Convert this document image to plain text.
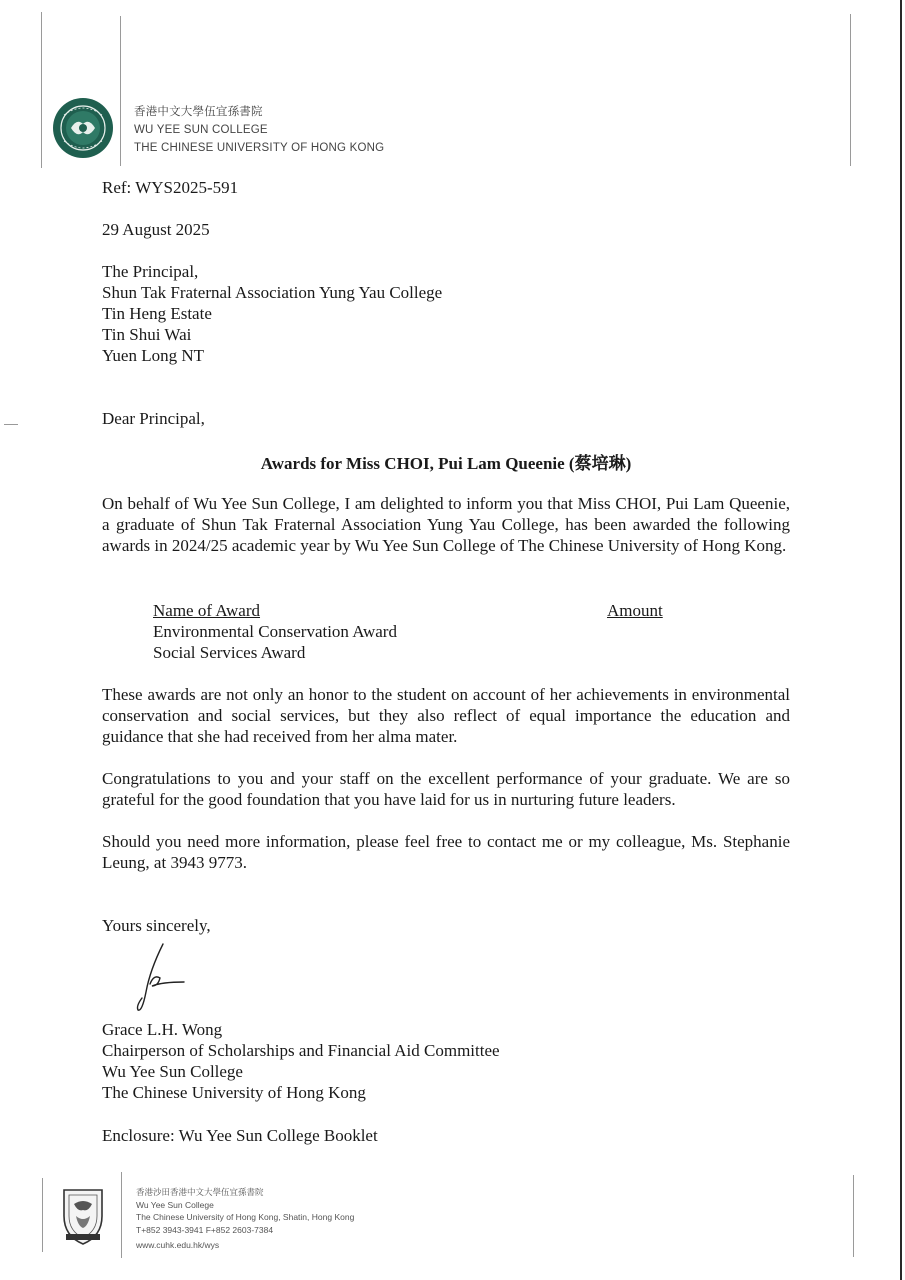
香港中文大學伍宜孫書院
WU YEE SUN COLLEGE
THE CHINESE UNIVERSITY OF HONG KONG
Ref: WYS2025-591
29 August 2025
The Principal,
Shun Tak Fraternal Association Yung Yau College
Tin Heng Estate
Tin Shui Wai
Yuen Long NT
Dear Principal,
Awards for Miss CHOI, Pui Lam Queenie (蔡培琳)
On behalf of Wu Yee Sun College, I am delighted to inform you that Miss CHOI, Pui Lam Queenie, a graduate of Shun Tak Fraternal Association Yung Yau College, has been awarded the following awards in 2024/25 academic year by Wu Yee Sun College of The Chinese University of Hong Kong.
Name of Award	Amount
Environmental Conservation Award
Social Services Award
These awards are not only an honor to the student on account of her achievements in environmental conservation and social services, but they also reflect of equal importance the education and guidance that she had received from her alma mater.
Congratulations to you and your staff on the excellent performance of your graduate. We are so grateful for the good foundation that you have laid for us in nurturing future leaders.
Should you need more information, please feel free to contact me or my colleague, Ms. Stephanie Leung, at 3943 9773.
Yours sincerely,
Grace L.H. Wong
Chairperson of Scholarships and Financial Aid Committee
Wu Yee Sun College
The Chinese University of Hong Kong
Enclosure: Wu Yee Sun College Booklet
香港沙田香港中文大學伍宜孫書院
Wu Yee Sun College
The Chinese University of Hong Kong, Shatin, Hong Kong
T+852 3943-3941 F+852 2603-7384
www.cuhk.edu.hk/wys
